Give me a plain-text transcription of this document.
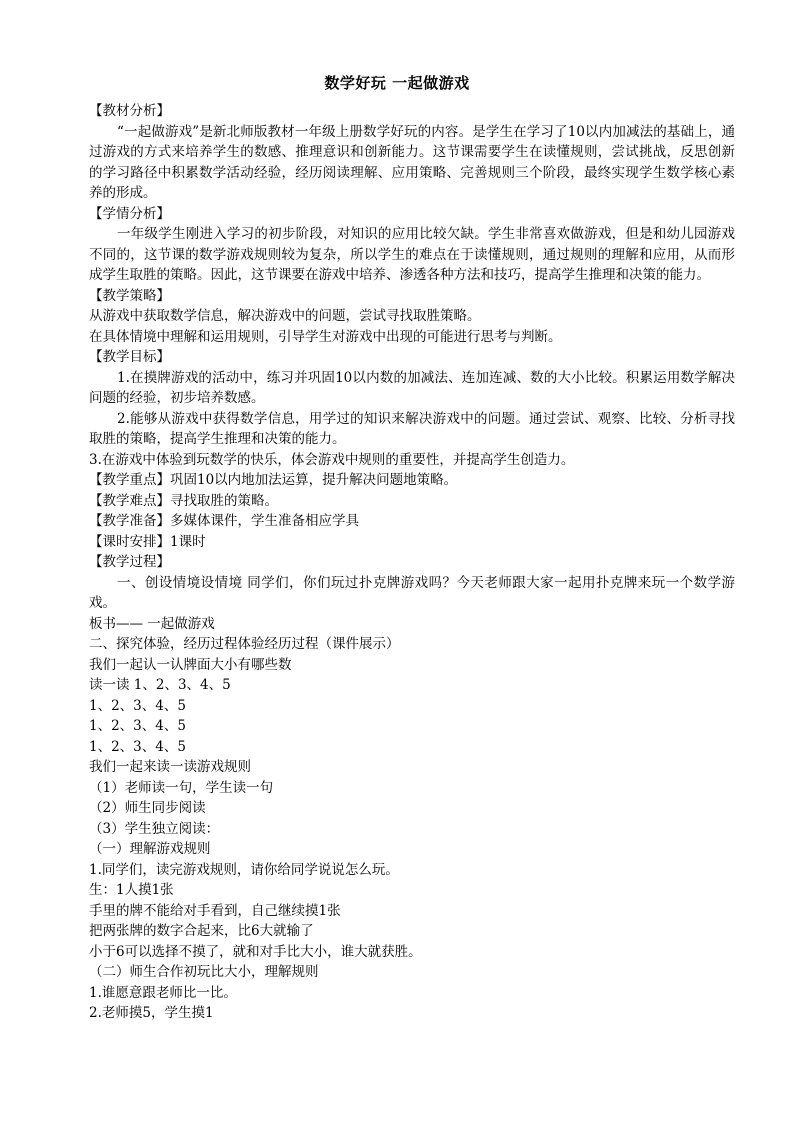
数学好玩 一起做游戏

【教材分析】

“一起做游戏”是新北师版教材一年级上册数学好玩的内容。是学生在学习了10以内加减法的基础上，通过游戏的方式来培养学生的数感、推理意识和创新能力。这节课需要学生在读懂规则，尝试挑战，反思创新的学习路径中积累数学活动经验，经历阅读理解、应用策略、完善规则三个阶段，最终实现学生数学核心素养的形成。

【学情分析】

一年级学生刚进入学习的初步阶段，对知识的应用比较欠缺。学生非常喜欢做游戏，但是和幼儿园游戏不同的，这节课的数学游戏规则较为复杂，所以学生的难点在于读懂规则，通过规则的理解和应用，从而形成学生取胜的策略。因此，这节课要在游戏中培养、渗透各种方法和技巧，提高学生推理和决策的能力。

【教学策略】

从游戏中获取数学信息，解决游戏中的问题，尝试寻找取胜策略。

在具体情境中理解和运用规则，引导学生对游戏中出现的可能进行思考与判断。

【教学目标】

1.在摸牌游戏的活动中，练习并巩固10以内数的加减法、连加连减、数的大小比较。积累运用数学解决问题的经验，初步培养数感。

2.能够从游戏中获得数学信息，用学过的知识来解决游戏中的问题。通过尝试、观察、比较、分析寻找取胜的策略，提高学生推理和决策的能力。

3.在游戏中体验到玩数学的快乐，体会游戏中规则的重要性，并提高学生创造力。

【教学重点】巩固10以内地加法运算，提升解决问题地策略。

【教学难点】寻找取胜的策略。

【教学准备】多媒体课件，学生准备相应学具

【课时安排】1课时

【教学过程】

一、创设情境设情境 同学们，你们玩过扑克牌游戏吗？今天老师跟大家一起用扑克牌来玩一个数学游戏。

板书—— 一起做游戏

二、探究体验，经历过程体验经历过程（课件展示）

我们一起认一认牌面大小有哪些数

读一读 1、2、3、4、5

1、2、3、4、5

1、2、3、4、5

1、2、3、4、5

我们一起来读一读游戏规则

（1）老师读一句，学生读一句

（2）师生同步阅读

（3）学生独立阅读：

（一）理解游戏规则

1.同学们，读完游戏规则，请你给同学说说怎么玩。

生：1人摸1张

手里的牌不能给对手看到，自己继续摸1张

把两张牌的数字合起来，比6大就输了

小于6可以选择不摸了，就和对手比大小，谁大就获胜。

（二）师生合作初玩比大小，理解规则

1.谁愿意跟老师比一比。

2.老师摸5，学生摸1
